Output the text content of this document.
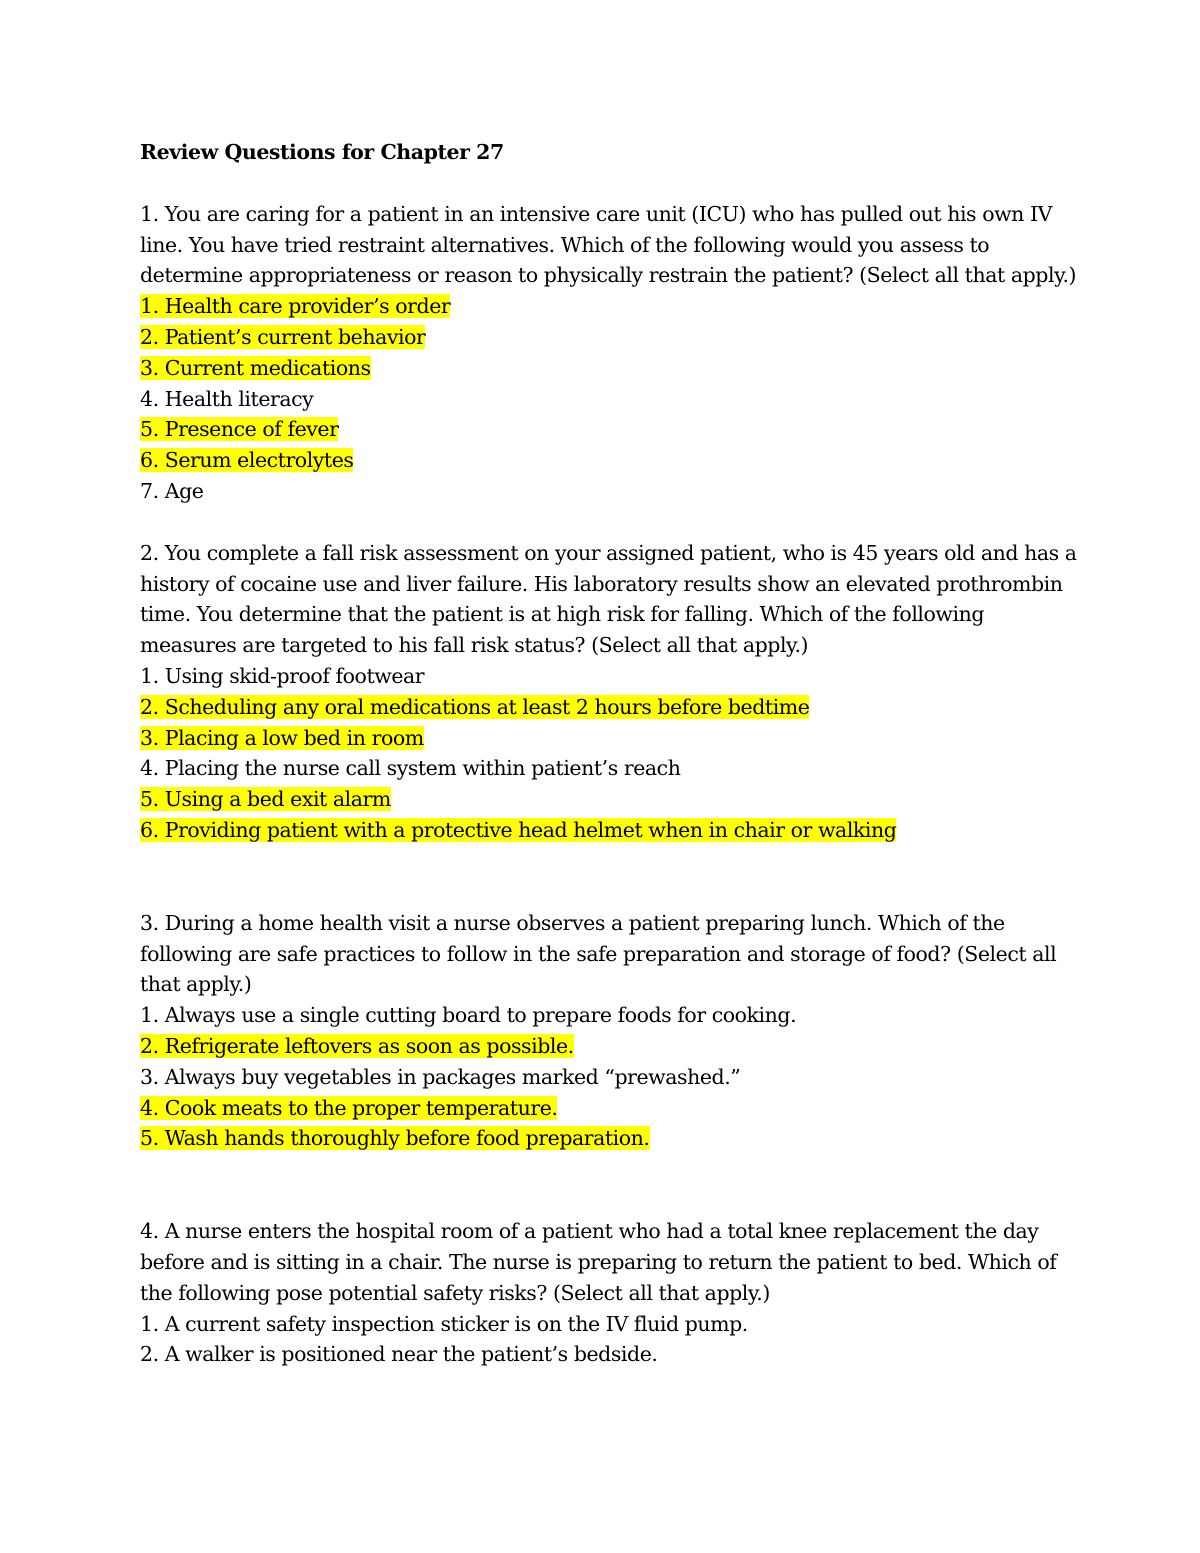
Review Questions for Chapter 27

1. You are caring for a patient in an intensive care unit (ICU) who has pulled out his own IV line. You have tried restraint alternatives. Which of the following would you assess to determine appropriateness or reason to physically restrain the patient? (Select all that apply.)

1. Health care provider’s order

2. Patient’s current behavior

3. Current medications

4. Health literacy

5. Presence of fever

6. Serum electrolytes

7. Age

2. You complete a fall risk assessment on your assigned patient, who is 45 years old and has a history of cocaine use and liver failure. His laboratory results show an elevated prothrombin time. You determine that the patient is at high risk for falling. Which of the following measures are targeted to his fall risk status? (Select all that apply.)

1. Using skid-proof footwear

2. Scheduling any oral medications at least 2 hours before bedtime

3. Placing a low bed in room

4. Placing the nurse call system within patient’s reach

5. Using a bed exit alarm

6. Providing patient with a protective head helmet when in chair or walking

3. During a home health visit a nurse observes a patient preparing lunch. Which of the following are safe practices to follow in the safe preparation and storage of food? (Select all that apply.)

1. Always use a single cutting board to prepare foods for cooking.

2. Refrigerate leftovers as soon as possible.

3. Always buy vegetables in packages marked “prewashed.”

4. Cook meats to the proper temperature.

5. Wash hands thoroughly before food preparation.

4. A nurse enters the hospital room of a patient who had a total knee replacement the day before and is sitting in a chair. The nurse is preparing to return the patient to bed. Which of the following pose potential safety risks? (Select all that apply.)

1. A current safety inspection sticker is on the IV fluid pump.

2. A walker is positioned near the patient’s bedside.
